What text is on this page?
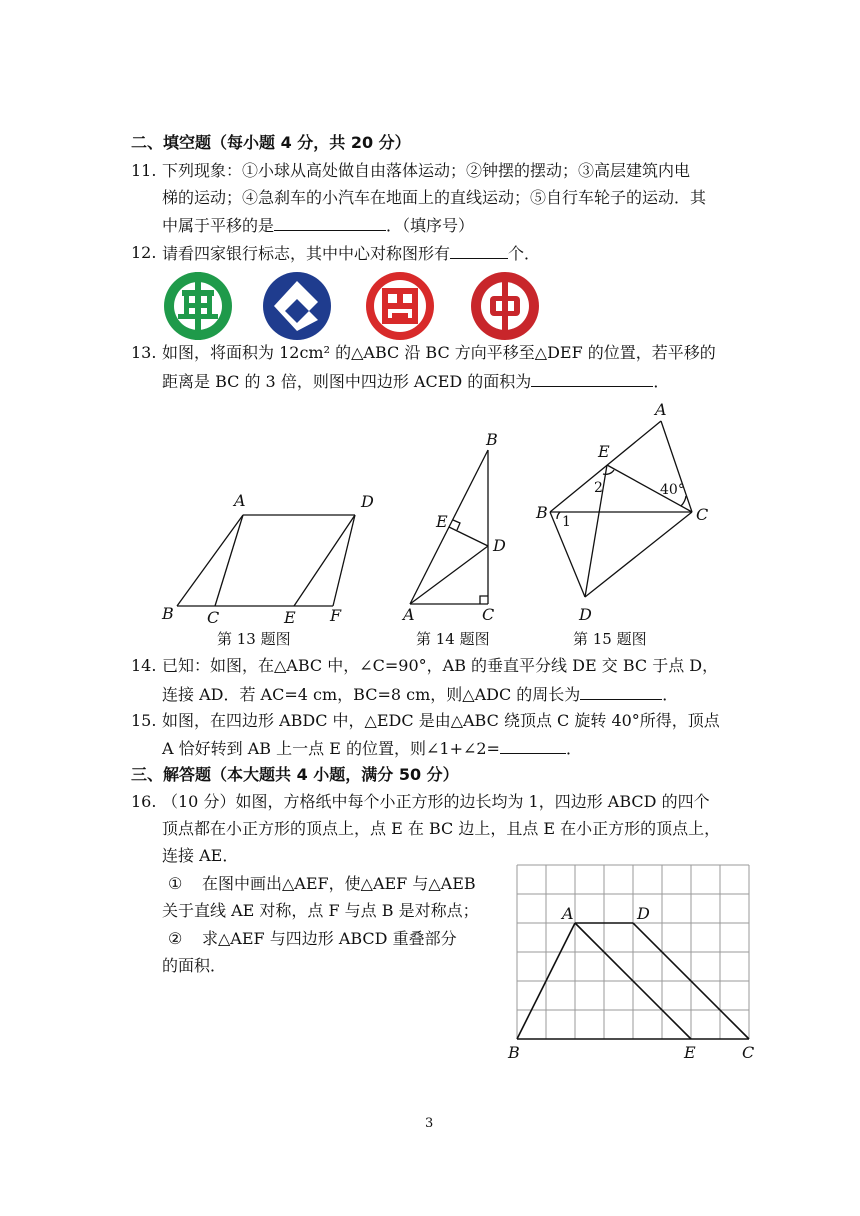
二、填空题（每小题 4 分，共 20 分）
11. 下列现象：①小球从高处做自由落体运动；②钟摆的摆动；③高层建筑内电
梯的运动；④急刹车的小汽车在地面上的直线运动；⑤自行车轮子的运动．其
中属于平移的是	．（填序号）
12. 请看四家银行标志，其中中心对称图形有	个．
13. 如图，将面积为 12cm² 的△ABC 沿 BC 方向平移至△DEF 的位置，若平移的
距离是 BC 的 3 倍，则图中四边形 ACED 的面积为	．
A	D
B C	E F
B
E
D
A	C
A
E
B	C
D
1
2	40°
A	D
B	E	C
第 13 题图	第 14 题图	第 15 题图
14. 已知：如图，在△ABC 中，∠C=90°，AB 的垂直平分线 DE 交 BC 于点 D，
连接 AD．若 AC=4 cm，BC=8 cm，则△ADC 的周长为	．
15. 如图，在四边形 ABDC 中，△EDC 是由△ABC 绕顶点 C 旋转 40°所得，顶点
A 恰好转到 AB 上一点 E 的位置，则∠1+∠2=	．
三、解答题（本大题共 4 小题，满分 50 分）
16. （10 分）如图，方格纸中每个小正方形的边长均为 1，四边形 ABCD 的四个
顶点都在小正方形的顶点上，点 E 在 BC 边上，且点 E 在小正方形的顶点上，
连接 AE．
① 在图中画出△AEF，使△AEF 与△AEB
关于直线 AE 对称，点 F 与点 B 是对称点；
② 求△AEF 与四边形 ABCD 重叠部分
的面积．
3
